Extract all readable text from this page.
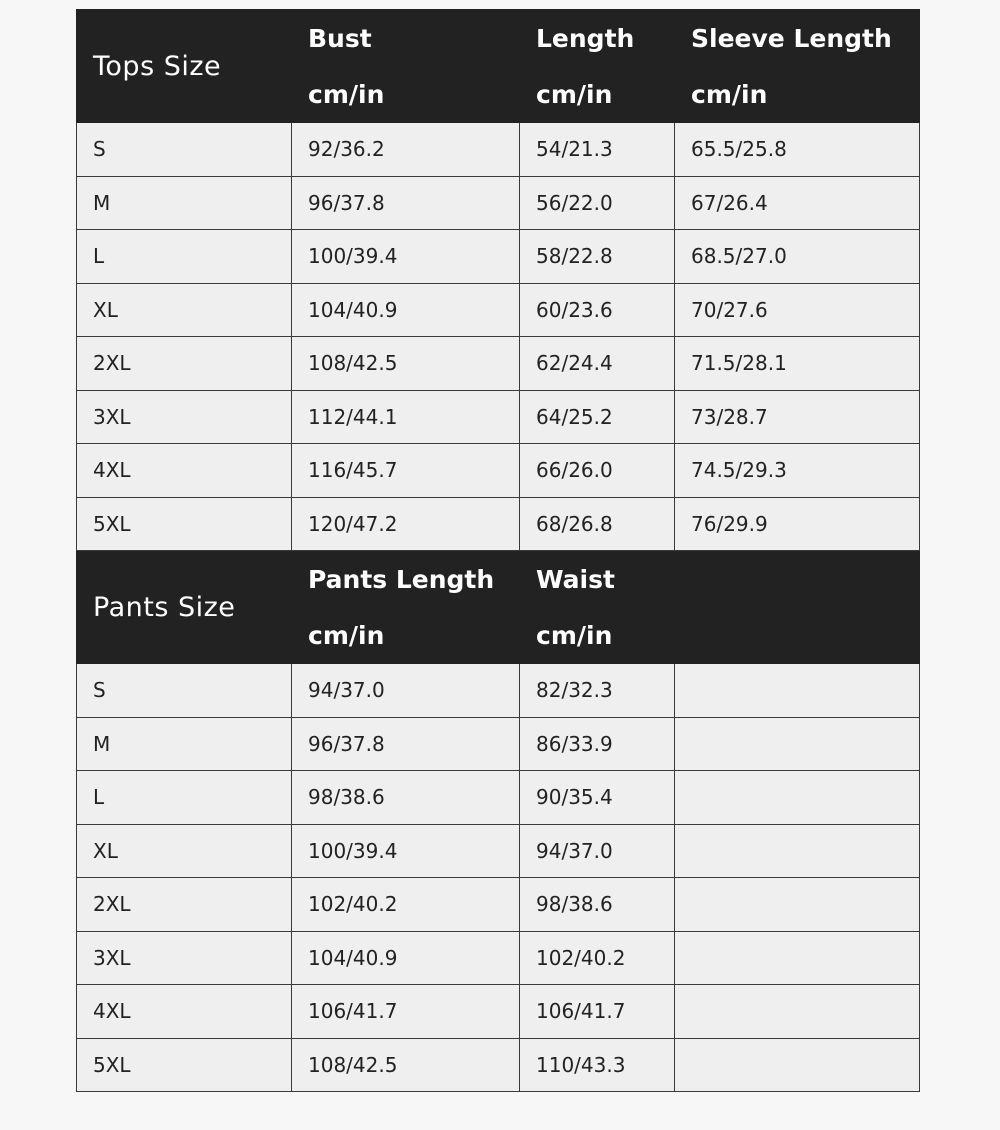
Tops Size	Bust	Length	Sleeve Length
	cm/in	cm/in	cm/in
S	92/36.2	54/21.3	65.5/25.8
M	96/37.8	56/22.0	67/26.4
L	100/39.4	58/22.8	68.5/27.0
XL	104/40.9	60/23.6	70/27.6
2XL	108/42.5	62/24.4	71.5/28.1
3XL	112/44.1	64/25.2	73/28.7
4XL	116/45.7	66/26.0	74.5/29.3
5XL	120/47.2	68/26.8	76/29.9
Pants Size	Pants Length	Waist	
	cm/in	cm/in	
S	94/37.0	82/32.3	
M	96/37.8	86/33.9	
L	98/38.6	90/35.4	
XL	100/39.4	94/37.0	
2XL	102/40.2	98/38.6	
3XL	104/40.9	102/40.2	
4XL	106/41.7	106/41.7	
5XL	108/42.5	110/43.3	
